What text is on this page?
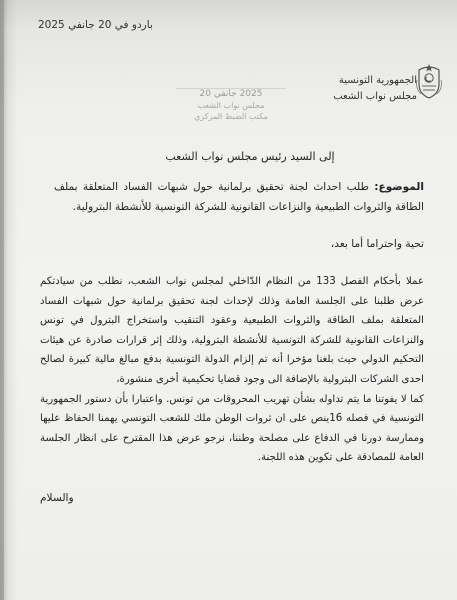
باردو في 20 جانفي 2025
الجمهورية التونسية
مجلس نواب الشعب
2025 جانفي 20
مجلس نواب الشعب
مكتب الضبط المركزي
إلى السيد رئيس مجلس نواب الشعب
الموضوع: طلب احداث لجنة تحقيق برلمانية حول شبهات الفساد المتعلقة بملف الطاقة والثروات الطبيعية والنزاعات القانونية للشركة التونسية للأنشطة البترولية.
تحية واحتراما أما بعد،

عملا بأحكام الفصل 133 من النظام الدّاخلي لمجلس نواب الشعب، نطلب من سيادتكم عرض طلبنا على الجلسة العامة وذلك لإحداث لجنة تحقيق برلمانية حول شبهات الفساد المتعلقة بملف الطاقة والثروات الطبيعية وعقود التنقيب واستخراج البترول في تونس والنزاعات القانونية للشركة التونسية للأنشطة البترولية، وذلك إثر قرارات صادرة عن هيئات التحكيم الدولي حيث بلغنا مؤخرا أنه تم إلزام الدولة التونسية بدفع مبالغ مالية كبيرة لصالح احدى الشركات البترولية بالإضافة الى وجود قضايا تحكيمية أخرى منشورة،

كما لا يفوتنا ما يتم تداوله بشأن تهريب المحروقات من تونس. واعتبارا بأن دستور الجمهورية التونسية في فصله 16ينص على ان ثروات الوطن ملك للشعب التونسي يهمنا الحفاظ عليها وممارسة دورنا في الدفاع على مصلحة وطننا، نرجو عرض هذا المقترح على انظار الجلسة العامة للمصادقة على تكوين هذه اللجنة.

والسلام
